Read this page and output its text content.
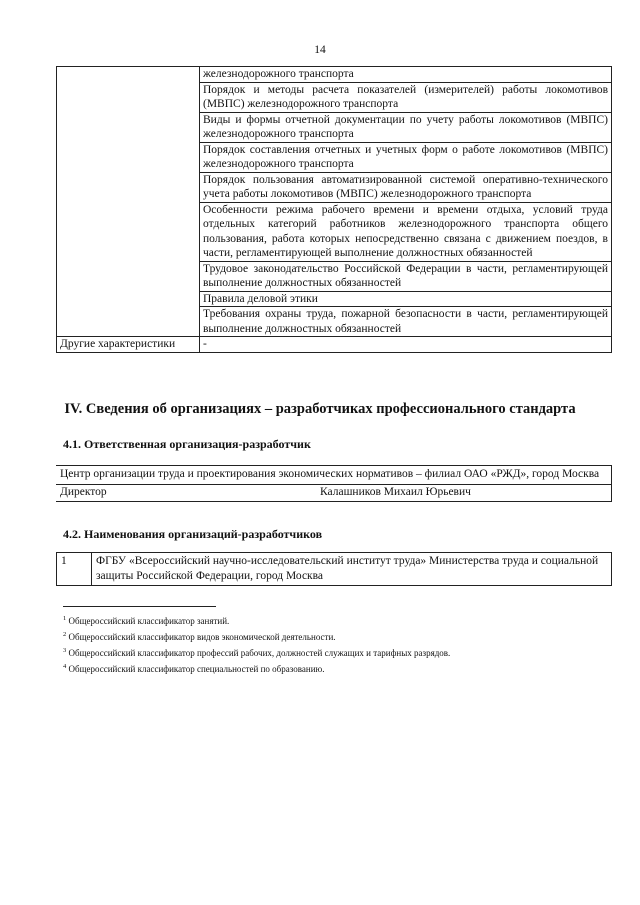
14
	железнодорожного транспорта
	Порядок и методы расчета показателей (измерителей) работы локомотивов (МВПС) железнодорожного транспорта
	Виды и формы отчетной документации по учету работы локомотивов (МВПС) железнодорожного транспорта
	Порядок составления отчетных и учетных форм о работе локомотивов (МВПС) железнодорожного транспорта
	Порядок пользования автоматизированной системой оперативно-технического учета работы локомотивов (МВПС) железнодорожного транспорта
	Особенности режима рабочего времени и времени отдыха, условий труда отдельных категорий работников железнодорожного транспорта общего пользования, работа которых непосредственно связана с движением поездов, в части, регламентирующей выполнение должностных обязанностей
	Трудовое законодательство Российской Федерации в части, регламентирующей выполнение должностных обязанностей
	Правила деловой этики
	Требования охраны труда, пожарной безопасности в части, регламентирующей выполнение должностных обязанностей
Другие характеристики	-
IV. Сведения об организациях – разработчиках профессионального стандарта
4.1. Ответственная организация-разработчик
Центр организации труда и проектирования экономических нормативов – филиал ОАО «РЖД», город Москва
Директор	Калашников Михаил Юрьевич
4.2. Наименования организаций-разработчиков
1	ФГБУ «Всероссийский научно-исследовательский институт труда» Министерства труда и социальной защиты Российской Федерации, город Москва
$^1$ Общероссийский классификатор занятий.
$^2$ Общероссийский классификатор видов экономической деятельности.
$^3$ Общероссийский классификатор профессий рабочих, должностей служащих и тарифных разрядов.
$^4$ Общероссийский классификатор специальностей по образованию.
